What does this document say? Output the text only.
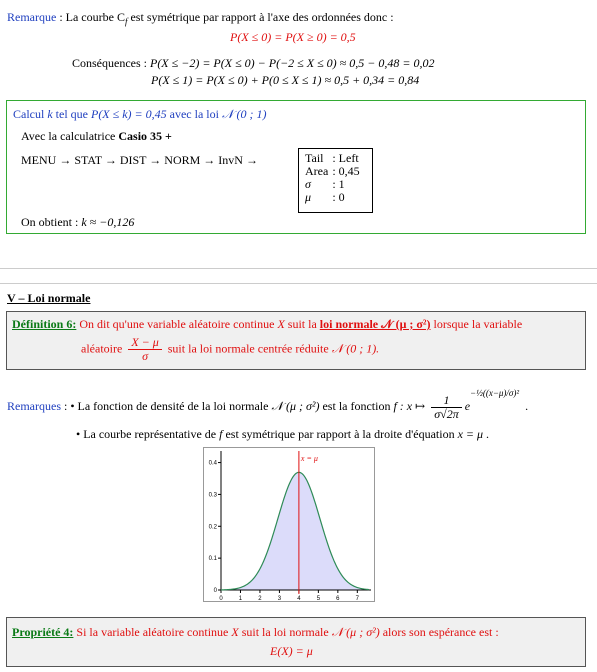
Remarque : La courbe $C_f$ est symétrique par rapport à l'axe des ordonnées donc :
P(X ≤ 0) = P(X ≥ 0) = 0,5
Conséquences : P(X ≤ −2) = P(X ≤ 0) − P(−2 ≤ X ≤ 0) ≈ 0,5 − 0,48 = 0,02
P(X ≤ 1) = P(X ≤ 0) + P(0 ≤ X ≤ 1) ≈ 0,5 + 0,34 = 0,84
Calcul k tel que P(X ≤ k) = 0,45 avec la loi 𝒩 (0 ; 1)
Avec la calculatrice Casio 35 +
MENU → STAT → DIST → NORM → InvN →	Tail	: Left
Area	: 0,45
σ	: 1
μ	: 0
On obtient : k ≈ −0,126
V – Loi normale
Définition 6: On dit qu'une variable aléatoire continue X suit la loi normale 𝒩 (μ ; σ²) lorsque la variable
aléatoire $\frac{X - \mu}{\sigma}$ suit la loi normale centrée réduite 𝒩 (0 ; 1).
Remarques : • La fonction de densité de la loi normale 𝒩 (μ ; σ²) est la fonction f : x ↦ $\frac{1}{\sigma√2\pi} e^{-\frac{1}{2}((x-\mu)/\sigma)^2}$.
• La courbe représentative de f est symétrique par rapport à la droite d'équation x = μ .
0	1	2	3	4	5	6	7
0
0.1
0.2
0.3
0.4
x = μ
Propriété 4: Si la variable aléatoire continue X suit la loi normale 𝒩 (μ ; σ²) alors son espérance est :
E(X) = μ
